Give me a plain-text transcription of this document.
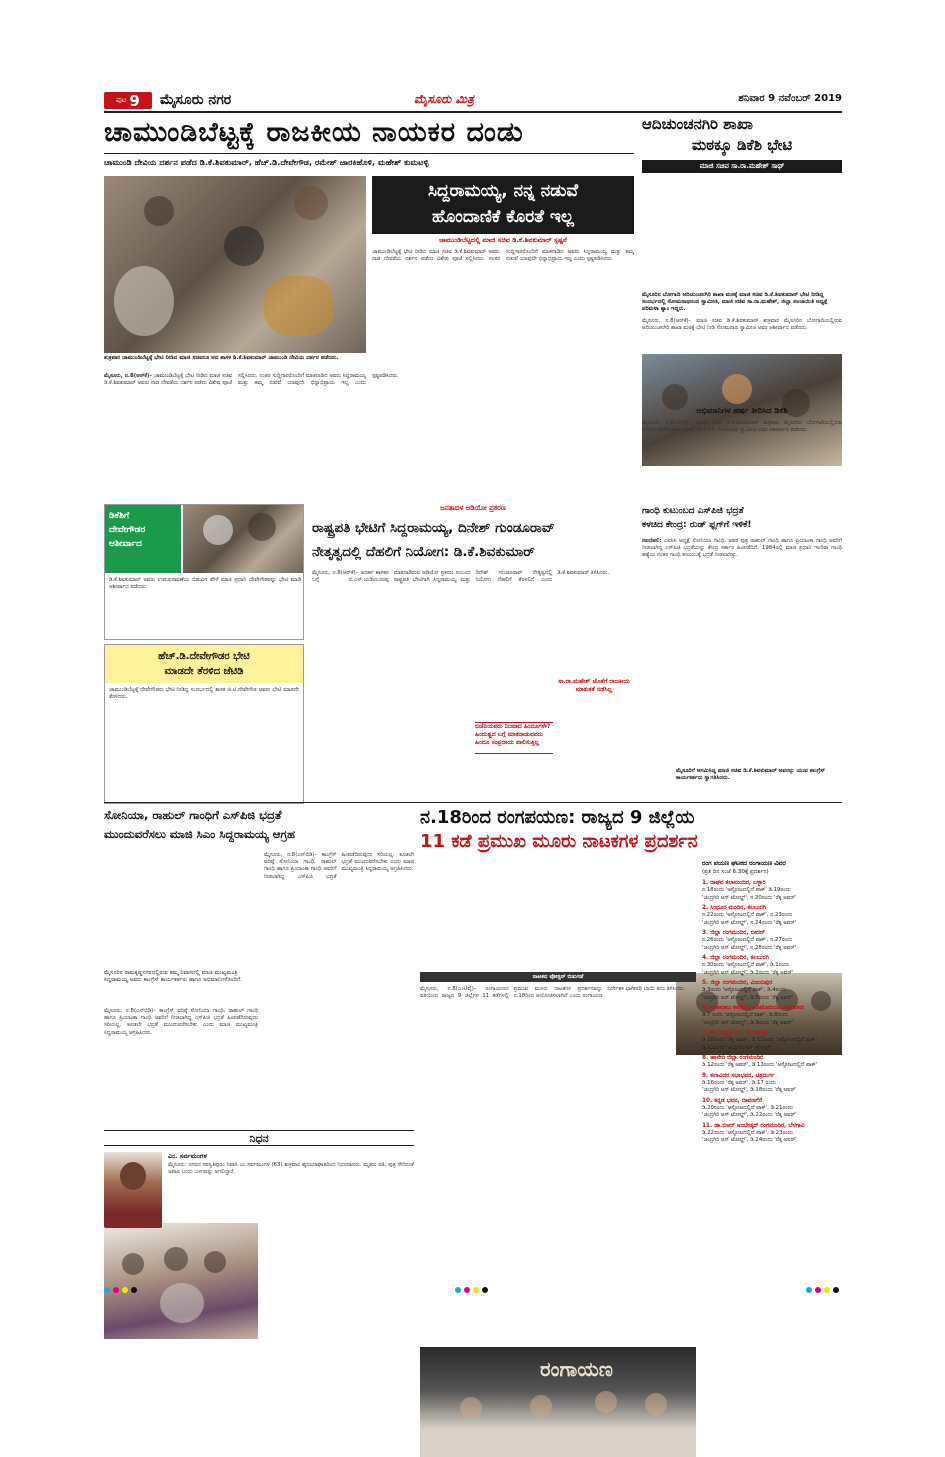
ಪುಟ 9 ಮೈಸೂರು ನಗರ	ಮೈಸೂರು ಮಿತ್ರ	ಶನಿವಾರ 9 ನವೆಂಬರ್ 2019
ಚಾಮುಂಡಿಬೆಟ್ಟಕ್ಕೆ ರಾಜಕೀಯ ನಾಯಕರ ದಂಡು
ಚಾಮುಂಡಿ ದೇವಿಯ ದರ್ಶನ ಪಡೆದ ಡಿ.ಕೆ.ಶಿವಕುಮಾರ್, ಹೆಚ್.ಡಿ.ದೇವೇಗೌಡ, ರಮೇಶ್ ಜಾರಕಿಹೊಳಿ, ಮಹೇಶ್ ಕುಮಟಳ್ಳಿ
ಶುಕ್ರವಾರ ಚಾಮುಂಡಿಬೆಟ್ಟಕ್ಕೆ ಭೇಟಿ ನೀಡಿದ ಮಾಜಿ ಸಚಿವರೂ ಆದ ಶಾಸಕ ಡಿ.ಕೆ.ಶಿವಕುಮಾರ್ ಚಾಮುಂಡಿ ದೇವಿಯ ದರ್ಶನ ಪಡೆದರು.
ಸಿದ್ದರಾಮಯ್ಯ, ನನ್ನ ನಡುವೆ
ಹೊಂದಾಣಿಕೆ ಕೊರತೆ ಇಲ್ಲ
ಚಾಮುಂಡಿಬೆಟ್ಟದಲ್ಲಿ ಮಾಜಿ ಸಚಿವ ಡಿ.ಕೆ.ಶಿವಕುಮಾರ್ ಸ್ಪಷ್ಟನೆ
ಚಾಮುಂಡಿಬೆಟ್ಟಕ್ಕೆ ಭೇಟಿ ನೀಡಿದ ಮಾಜಿ ಸಚಿವ ಡಿ.ಕೆ.ಶಿವಕುಮಾರ್ ಅವರು ನಾಡ ದೇವತೆಯ ದರ್ಶನ ಪಡೆದು ವಿಶೇಷ ಪೂಜೆ ಸಲ್ಲಿಸಿದರು. ನಂತರ ಸುದ್ದಿಗಾರರೊಂದಿಗೆ ಮಾತನಾಡಿದ ಅವರು ಸಿದ್ದರಾಮಯ್ಯ ಮತ್ತು ತಮ್ಮ ನಡುವೆ ಯಾವುದೇ ಭಿನ್ನಾಭಿಪ್ರಾಯ ಇಲ್ಲ ಎಂದು ಸ್ಪಷ್ಟಪಡಿಸಿದರು.
ಮೈಸೂರು, ನ.8(ಆರ್‌ಕೆ)– ಚಾಮುಂಡಿಬೆಟ್ಟಕ್ಕೆ ಭೇಟಿ ನೀಡಿದ ಮಾಜಿ ಸಚಿವ ಡಿ.ಕೆ.ಶಿವಕುಮಾರ್ ಅವರು ನಾಡ ದೇವತೆಯ ದರ್ಶನ ಪಡೆದು ವಿಶೇಷ ಪೂಜೆ ಸಲ್ಲಿಸಿದರು. ನಂತರ ಸುದ್ದಿಗಾರರೊಂದಿಗೆ ಮಾತನಾಡಿದ ಅವರು ಸಿದ್ದರಾಮಯ್ಯ ಮತ್ತು ತಮ್ಮ ನಡುವೆ ಯಾವುದೇ ಭಿನ್ನಾಭಿಪ್ರಾಯ ಇಲ್ಲ ಎಂದು ಸ್ಪಷ್ಟಪಡಿಸಿದರು.
ಆದಿಚುಂಚನಗಿರಿ ಶಾಖಾ
ಮಠಕ್ಕೂ ಡಿಕೆಶಿ ಭೇಟಿ
ಮಾಜಿ ಸಚಿವ ಸಾ.ರಾ.ಮಹೇಶ್ ಸಾಥ್
ಮೈಸೂರಿನ ಬೋಗಾದಿ ಆದಿಚುಂಚನಗಿರಿ ಶಾಖಾ ಮಠಕ್ಕೆ ಮಾಜಿ ಸಚಿವ ಡಿ.ಕೆ.ಶಿವಕುಮಾರ್ ಭೇಟಿ ನೀಡಿದ್ದ ಸಂದರ್ಭದಲ್ಲಿ ಸೋಮನಾಥನಂದ ಸ್ವಾಮೀಜಿ, ಮಾಜಿ ಸಚಿವ ಸಾ.ರಾ.ಮಹೇಶ್, ಜಿಲ್ಲಾ ಪಂಚಾಯಿತಿ ಅಧ್ಯಕ್ಷೆ ಪರಿಮಳಾ ಶ್ಯಾಂ ಇದ್ದರು.
ಮೈಸೂರು, ನ.8(ಆರ್‌ಕೆ)– ಮಾಜಿ ಸಚಿವ ಡಿ.ಕೆ.ಶಿವಕುಮಾರ್ ಶುಕ್ರವಾರ ಮೈಸೂರಿನ ಬೋಗಾದಿಯಲ್ಲಿರುವ ಆದಿಚುಂಚನಗಿರಿ ಶಾಖಾ ಮಠಕ್ಕೆ ಭೇಟಿ ನೀಡಿ ಸೋಮನಾಥ ಸ್ವಾಮೀಜಿ ಅವರ ಆಶೀರ್ವಾದ ಪಡೆದರು.
ಅಭಿಮಾನಿಗಳ ಹರ್ಷ ತೀರಿಸಿದ ಡಿಕೆಶಿ
ಮೈಸೂರು, ನ.8(ಆರ್‌ಕೆ)– ಮಾಜಿ ಸಚಿವ ಡಿ.ಕೆ.ಶಿವಕುಮಾರ್ ಶುಕ್ರವಾರ ಮೈಸೂರಿನ ಬೋಗಾದಿಯಲ್ಲಿರುವ ಆದಿಚುಂಚನಗಿರಿ ಶಾಖಾ ಮಠಕ್ಕೆ ಭೇಟಿ ನೀಡಿ ಸೋಮನಾಥ ಸ್ವಾಮೀಜಿ ಅವರ ಆಶೀರ್ವಾದ ಪಡೆದರು.
ಡಿಕೆಶಿಗೆ
ದೇವೇಗೌಡರ
ಆಶೀರ್ವಾದ
ಡಿ.ಕೆ.ಶಿವಕುಮಾರ್ ಅವರು ಉಪಚುನಾವಣೆಯ ಬಿಡುವಿನ ವೇಳೆ ಮಾಜಿ ಪ್ರಧಾನಿ ದೇವೇಗೌಡರನ್ನು ಭೇಟಿ ಮಾಡಿ ಆಶೀರ್ವಾದ ಪಡೆದರು.
ಹೆಚ್.ಡಿ.ದೇವೇಗೌಡರ ಭೇಟಿ
ಮಾಡದೇ ತೆರಳಿದ ಜೆಟಿಡಿ
ಚಾಮುಂಡಿಬೆಟ್ಟಕ್ಕೆ ದೇವೇಗೌಡರು ಭೇಟಿ ನೀಡಿದ್ದ ಸಂದರ್ಭದಲ್ಲಿ ಶಾಸಕ ಜಿ.ಟಿ.ದೇವೇಗೌಡ ಅವರು ಭೇಟಿ ಮಾಡದೇ ತೆರಳಿದರು.
ಜನತಾದಳ ಅಡಿಯೋ ಪ್ರಕರಣ
ರಾಷ್ಟ್ರಪತಿ ಭೇಟಿಗೆ ಸಿದ್ದರಾಮಯ್ಯ, ದಿನೇಶ್ ಗುಂಡೂರಾವ್
ನೇತೃತ್ವದಲ್ಲಿ ದೆಹಲಿಗೆ ನಿಯೋಗ: ಡಿ.ಕೆ.ಶಿವಕುಮಾರ್
ಮೈಸೂರು, ನ.8(ಆರ್‌ಕೆ)– ಅನರ್ಹ ಶಾಸಕರ ಬಗ್ಗೆ ಬಿ.ಎಸ್.ಯಡಿಯೂರಪ್ಪ ಮಾತನಾಡಿರುವ ಆಡಿಯೋ ಪ್ರಕರಣ ಸಂಬಂಧ ರಾಷ್ಟ್ರಪತಿ ಭೇಟಿಗಾಗಿ ಸಿದ್ದರಾಮಯ್ಯ ಮತ್ತು ದಿನೇಶ್ ಗುಂಡೂರಾವ್ ನೇತೃತ್ವದಲ್ಲಿ ನಿಯೋಗ ದೆಹಲಿಗೆ ತೆರಳಲಿದೆ ಎಂದು ಡಿ.ಕೆ.ಶಿವಕುಮಾರ್ ತಿಳಿಸಿದರು.
ಬಿಜೆಪಿಯವರು ನಿಜವಾದ ಹಿಂದೂಗಳೇ? ಹಿಂದುತ್ವದ ಬಗ್ಗೆ ಮಾತನಾಡುವವರು ಹಿಂದೂ ಸಂಪ್ರದಾಯ ಪಾಲಿಸುತ್ತಿಲ್ಲ
ಸಾ.ರಾ.ಮಹೇಶ್ ಜೊತೆಗೆ ರಾಜಕೀಯ ಮಾತುಕತೆ ನಡೆಸಿಲ್ಲ
ಗಾಂಧಿ ಕುಟುಂಬದ ಎಸ್‌ಪಿಜಿ ಭದ್ರತೆ
ಕಳಚಿದ ಕೇಂದ್ರ: ರುಡ್ ಫ್ಲಗ್‌ಗೆ ಇಳಿಕೆ!
ನವದೆಹಲಿ: ಎಐಸಿಸಿ ಅಧ್ಯಕ್ಷೆ ಸೋನಿಯಾ ಗಾಂಧಿ, ಅವರ ಪುತ್ರ ರಾಹುಲ್ ಗಾಂಧಿ ಹಾಗೂ ಪ್ರಿಯಾಂಕಾ ಗಾಂಧಿ ಅವರಿಗೆ ನೀಡಲಾಗಿದ್ದ ಎಸ್‌ಪಿಜಿ ಭದ್ರತೆಯನ್ನು ಕೇಂದ್ರ ಸರ್ಕಾರ ಹಿಂಪಡೆದಿದೆ. 1984ರಲ್ಲಿ ಮಾಜಿ ಪ್ರಧಾನಿ ಇಂದಿರಾ ಗಾಂಧಿ ಹತ್ಯೆಯ ನಂತರ ಗಾಂಧಿ ಕುಟುಂಬಕ್ಕೆ ಭದ್ರತೆ ನೀಡಲಾಗಿತ್ತು.
ಮೈಸೂರಿಗೆ ಆಗಮಿಸಿದ್ದ ಮಾಜಿ ಸಚಿವ ಡಿ.ಕೆ.ಶಿವಕುಮಾರ್ ಅವರನ್ನು ಯುವ ಕಾಂಗ್ರೆಸ್ ಕಾರ್ಯಕರ್ತರು ಸ್ವಾಗತಿಸಿದರು.
ಸೋನಿಯಾ, ರಾಹುಲ್ ಗಾಂಧಿಗೆ ಎಸ್‌ಪಿಜಿ ಭದ್ರತೆ
ಮುಂದುವರೆಸಲು ಮಾಜಿ ಸಿಎಂ ಸಿದ್ದರಾಮಯ್ಯ ಆಗ್ರಹ
ಮೈಸೂರಿನ ರಾಮಕೃಷ್ಣನಗರದಲ್ಲಿರುವ ತಮ್ಮ ನಿವಾಸದಲ್ಲಿ ಮಾಜಿ ಮುಖ್ಯಮಂತ್ರಿ ಸಿದ್ದರಾಮಯ್ಯ ಅವರು ಕಾಂಗ್ರೆಸ್ ಕಾರ್ಯಕರ್ತರು ಹಾಗೂ ಅಭಿಮಾನಿಗಳೊಂದಿಗೆ.
ಮೈಸೂರು, ನ.8(ಎಸ್‌ಬಿಡಿ)– ಕಾಂಗ್ರೆಸ್ ವರಿಷ್ಠೆ ಸೋನಿಯಾ ಗಾಂಧಿ, ರಾಹುಲ್ ಗಾಂಧಿ ಹಾಗೂ ಪ್ರಿಯಾಂಕಾ ಗಾಂಧಿ ಅವರಿಗೆ ನೀಡಲಾಗಿದ್ದ ಎಸ್‌ಪಿಜಿ ಭದ್ರತೆ ಹಿಂಪಡೆದಿರುವುದು ಸರಿಯಲ್ಲ. ಕೂಡಲೇ ಭದ್ರತೆ ಮುಂದುವರೆಸಬೇಕು ಎಂದು ಮಾಜಿ ಮುಖ್ಯಮಂತ್ರಿ ಸಿದ್ದರಾಮಯ್ಯ ಆಗ್ರಹಿಸಿದರು.
ಮೈಸೂರು, ನ.8(ಎಸ್‌ಬಿಡಿ)– ಕಾಂಗ್ರೆಸ್ ವರಿಷ್ಠೆ ಸೋನಿಯಾ ಗಾಂಧಿ, ರಾಹುಲ್ ಗಾಂಧಿ ಹಾಗೂ ಪ್ರಿಯಾಂಕಾ ಗಾಂಧಿ ಅವರಿಗೆ ನೀಡಲಾಗಿದ್ದ ಎಸ್‌ಪಿಜಿ ಭದ್ರತೆ ಹಿಂಪಡೆದಿರುವುದು ಸರಿಯಲ್ಲ. ಕೂಡಲೇ ಭದ್ರತೆ ಮುಂದುವರೆಸಬೇಕು ಎಂದು ಮಾಜಿ ಮುಖ್ಯಮಂತ್ರಿ ಸಿದ್ದರಾಮಯ್ಯ ಆಗ್ರಹಿಸಿದರು.
ನಿಧನ
ಎಂ. ಸರ್ವಮಂಗಳ
ಮೈಸೂರು: ನಗರದ ಸರಸ್ವತಿಪುರಂ ನಿವಾಸಿ ಎಂ.ಸರ್ವಮಂಗಳ (63) ಶುಕ್ರವಾರ ಹೃದಯಾಘಾತದಿಂದ ನಿಧನರಾದರು. ಮೃತರು ಪತಿ, ಪುತ್ರ ಸೇರಿದಂತೆ ಅಪಾರ ಬಂಧು ಬಳಗವನ್ನು ಅಗಲಿದ್ದಾರೆ.
ನ.18ರಿಂದ ರಂಗಪಯಣ: ರಾಜ್ಯದ 9 ಜಿಲ್ಲೆಯ
11 ಕಡೆ ಪ್ರಮುಖ ಮೂರು ನಾಟಕಗಳ ಪ್ರದರ್ಶನ
ರಂಗಾಯಣ
ನಾಟಕದ ಪೋಸ್ಟರ್ ಬಿಡುಗಡೆ
ಮೈಸೂರು, ನ.8(ಎಂಟಿವೈ)– ರಂಗಾಯಣದ ವತಿಯಿಂದ ರಾಜ್ಯದ 9 ಜಿಲ್ಲೆಗಳ 11 ಕಡೆಗಳಲ್ಲಿ ಪ್ರಮುಖ ಮೂರು ನಾಟಕಗಳ ಪ್ರದರ್ಶನವನ್ನು ನ.18ರಿಂದ ಆಯೋಜಿಸಲಾಗಿದೆ ಎಂದು ರಂಗಾಯಣ ನಿರ್ದೇಶಕ ಭಾಗೀರಥಿ ಬಾಯಿ ಕದಂ ತಿಳಿಸಿದರು.
ರಂಗ ಪಯಣ ಘಟಕದ ರಂಗಾಯಣ ವಿವರ
(ಪ್ರತಿ ದಿನ ಸಂಜೆ 6.30ಕ್ಕೆ ಪ್ರದರ್ಶನ)
1. ರಾಘವ ಕಲಾಮಂದಿರ, ಬಳ್ಳಾರಿ
ನ.18ರಂದು 'ಆಸ್ಫೋಟದಲ್ಲಿದೆ ಪಾಕ್' ಡಿ.19ರಂದು
'ಚಂದ್ರಗಿರಿ ಅನ್ ಟೋಲ್ಡ್', ನ.20ರಂದು 'ರೆಕ್ಕ ಅವರ್'
2. ಸಿಂಧೂರ ಮಂದಿರ, ಕಲಬುರಗಿ
ನ.22ರಂದು 'ಆಸ್ಫೋಟದಲ್ಲಿದೆ ಪಾಕ್', ನ.23ರಂದು
'ಚಂದ್ರಗಿರಿ ಅನ್ ಟೋಲ್ಡ್', ನ.24ರಂದು 'ರೆಕ್ಕ ಅವರ್'
3. ಜಿಲ್ಲಾ ರಂಗಮಂದಿರ, ಬೀದರ್
ನ.26ರಂದು 'ಆಸ್ಫೋಟದಲ್ಲಿದೆ ಪಾಕ್', ನ.27ರಂದು
'ಚಂದ್ರಗಿರಿ ಅನ್ ಟೋಲ್ಡ್', ನ.28ರಂದು 'ರೆಕ್ಕ ಅವರ್'
4. ಜಿಲ್ಲಾ ರಂಗಮಂದಿರ, ಕಲಬುರಗಿ
ನ.30ರಂದು 'ಆಸ್ಫೋಟದಲ್ಲಿದೆ ಪಾಕ್', ಡಿ.1ರಂದು
'ಚಂದ್ರಗಿರಿ ಅನ್ ಟೋಲ್ಡ್', ಡಿ.2ರಂದು 'ರೆಕ್ಕ ಅವರ್'
5. ಜಿಲ್ಲಾ ರಂಗಮಂದಿರ, ವಿಜಯಪುರ
ಡಿ.3ರಂದು 'ಆಸ್ಫೋಟದಲ್ಲಿದೆ ಪಾಕ್', ಡಿ.4ರಂದು
'ಚಂದ್ರಗಿರಿ ಅನ್ ಟೋಲ್ಡ್', ಡಿ.5ರಂದು 'ರೆಕ್ಕ ಅವರ್'
6. ಮಹಾರಾಜ ಕಾಲೇಜಿನ ಆಡಿಟೋರಿಯಂ, ಧಾರವಾಡ
ಡಿ.7 ರಂದು 'ಆಸ್ಫೋಟದಲ್ಲಿದೆ ಪಾಕ್', ಡಿ.8ರಂದು
'ಚಂದ್ರಗಿರಿ ಅನ್ ಟೋಲ್ಡ್', ಡಿ.9ರಂದು 'ರೆಕ್ಕ ಅವರ್'
7. ಹಂಪಿ ಕನ್ನಡ ವಿವಿ, ಹೊಸಪೇಟೆ
ಡಿ.10ರಂದು 'ರೆಕ್ಕ ಅವರ್', ಡಿ.11ರಂದು 'ಆಸ್ಫೋಟದಲ್ಲಿದೆ ಪಾಕ್',
ಡಿ.12ರಂದು 'ಚಂದ್ರಗಿರಿ ಅನ್ ಟೋಲ್ಡ್'
8. ಹಾವೇರಿ ಜಿಲ್ಲಾ ರಂಗಮಂದಿರ
ಡಿ.12ರಂದು 'ರೆಕ್ಕ ಅವರ್', ಡಿ.13ರಂದು 'ಆಸ್ಫೋಟದಲ್ಲಿದೆ ಪಾಕ್'
9. ಕಲಾವಿದರ ಸಭಾಭವನ, ಚಿತ್ರದುರ್ಗ
ಡಿ.16ರಂದು 'ರೆಕ್ಕ ಅವರ್', ಡಿ.17 ರಂದು
'ಚಂದ್ರಗಿರಿ ಅನ್ ಟೋಲ್ಡ್', ಡಿ.18ರಂದು 'ರೆಕ್ಕ ಅವರ್'
10. ಕನ್ನಡ ಭವನ, ದಾವಣಗೆರೆ
ಡಿ.20ರಂದು 'ಆಸ್ಫೋಟದಲ್ಲಿದೆ ಪಾಕ್', ಡಿ.21ರಂದು
'ಚಂದ್ರಗಿರಿ ಅನ್ ಟೋಲ್ಡ್', ಡಿ.22ರಂದು 'ರೆಕ್ಕ ಅವರ್'
11. ಡಾ.ಬಿಆರ್ ಅಂಬೇಡ್ಕರ್ ರಂಗಮಂದಿರ, ಬೆಳಗಾವಿ
ಡಿ.22ರಂದು 'ಆಸ್ಫೋಟದಲ್ಲಿದೆ ಪಾಕ್', ಡಿ.23ರಂದು
'ಚಂದ್ರಗಿರಿ ಅನ್ ಟೋಲ್ಡ್', ಡಿ.24ರಂದು 'ರೆಕ್ಕ ಅವರ್'
